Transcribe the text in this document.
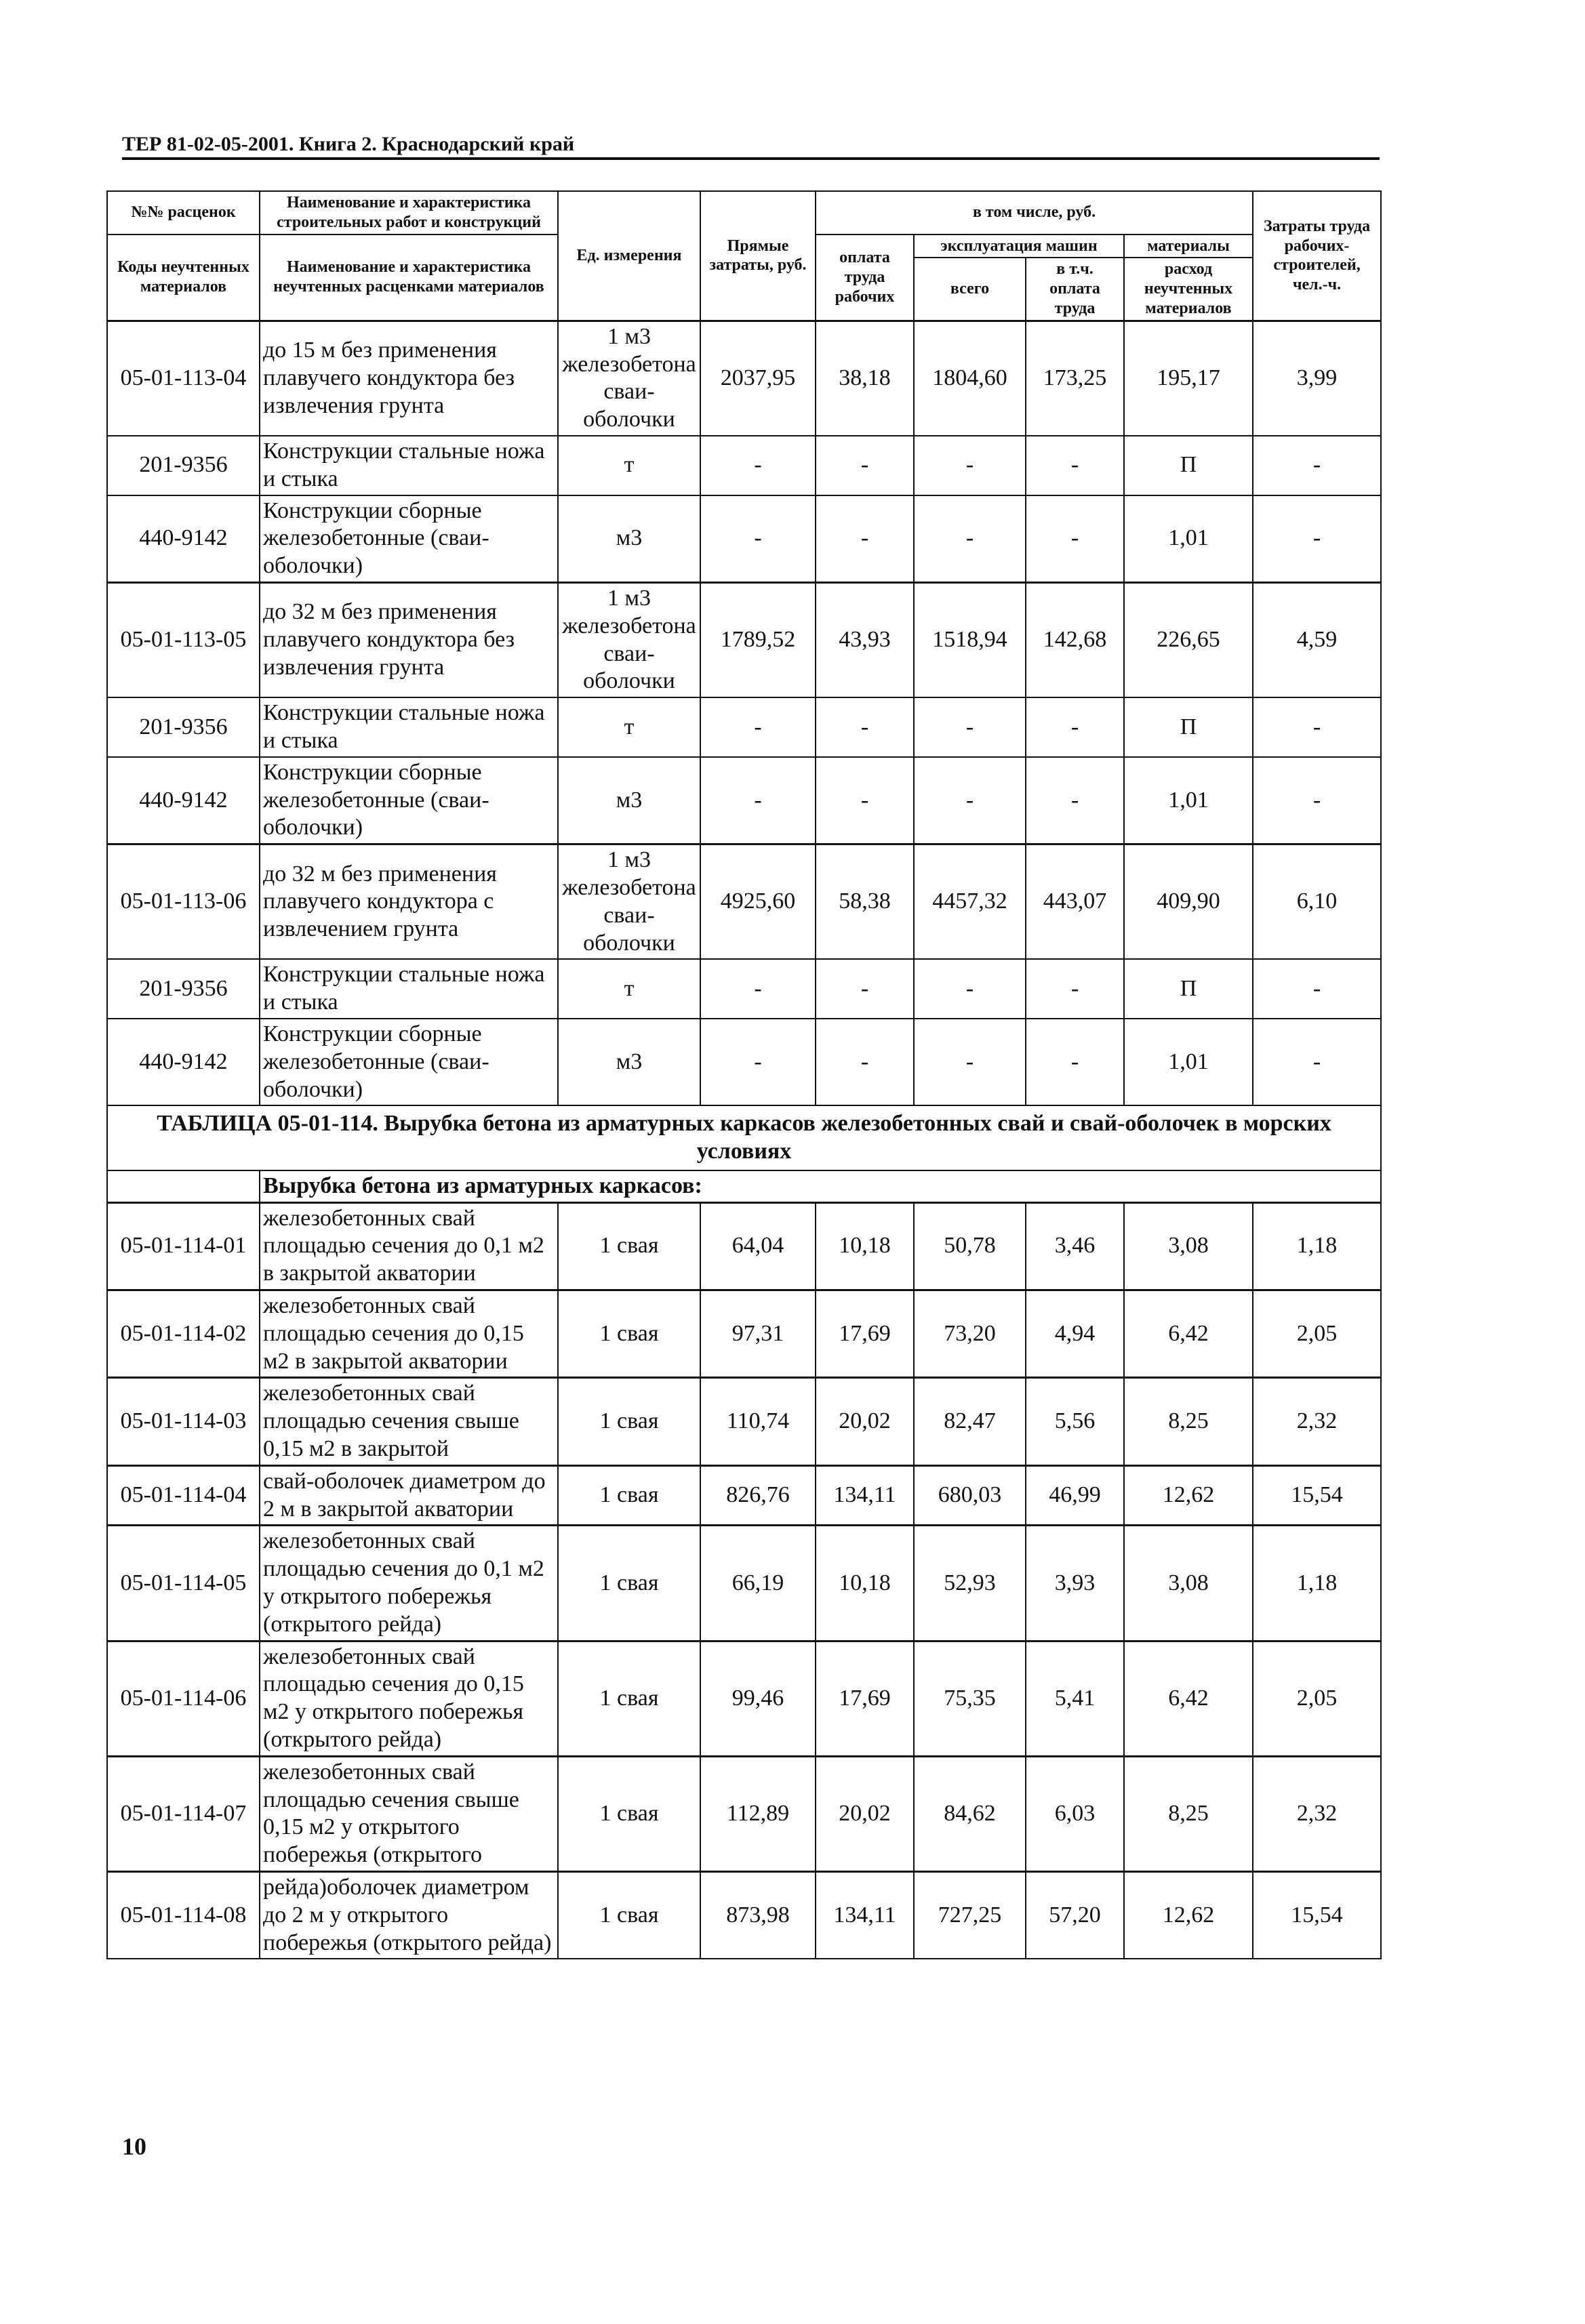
ТЕР 81-02-05-2001. Книга 2. Краснодарский край
№№ расценок	Наименование и характеристика строительных работ и конструкций	Ед. измерения	Прямые затраты, руб.	в том числе, руб.				Затраты труда рабочих-строителей, чел.-ч.
Коды неучтенных материалов	Наименование и характеристика неучтенных расценками материалов			оплата труда рабочих	эксплуатация машин		материалы	
					всего	в т.ч. оплата труда		
							расход неучтенных материалов	
05-01-113-04	до 15 м без применения плавучего кондуктора без извлечения грунта	1 м3 железобетона сваи-оболочки	2037,95	38,18	1804,60	173,25	195,17	3,99
201-9356	Конструкции стальные ножа и стыка	т	-	-	-	-	П	-
440-9142	Конструкции сборные железобетонные (сваи-оболочки)	м3	-	-	-	-	1,01	-
05-01-113-05	до 32 м без применения плавучего кондуктора без извлечения грунта	1 м3 железобетона сваи-оболочки	1789,52	43,93	1518,94	142,68	226,65	4,59
201-9356	Конструкции стальные ножа и стыка	т	-	-	-	-	П	-
440-9142	Конструкции сборные железобетонные (сваи-оболочки)	м3	-	-	-	-	1,01	-
05-01-113-06	до 32 м без применения плавучего кондуктора с извлечением грунта	1 м3 железобетона сваи-оболочки	4925,60	58,38	4457,32	443,07	409,90	6,10
201-9356	Конструкции стальные ножа и стыка	т	-	-	-	-	П	-
440-9142	Конструкции сборные железобетонные (сваи-оболочки)	м3	-	-	-	-	1,01	-
ТАБЛИЦА 05-01-114. Вырубка бетона из арматурных каркасов железобетонных свай и свай-оболочек в морских условиях								
	Вырубка бетона из арматурных каркасов:							
05-01-114-01	железобетонных свай площадью сечения до 0,1 м2 в закрытой акватории	1 свая	64,04	10,18	50,78	3,46	3,08	1,18
05-01-114-02	железобетонных свай площадью сечения до 0,15 м2 в закрытой акватории	1 свая	97,31	17,69	73,20	4,94	6,42	2,05
05-01-114-03	железобетонных свай площадью сечения свыше 0,15 м2 в закрытой	1 свая	110,74	20,02	82,47	5,56	8,25	2,32
05-01-114-04	свай-оболочек диаметром до 2 м в закрытой акватории	1 свая	826,76	134,11	680,03	46,99	12,62	15,54
05-01-114-05	железобетонных свай площадью сечения до 0,1 м2 у открытого побережья (открытого рейда)	1 свая	66,19	10,18	52,93	3,93	3,08	1,18
05-01-114-06	железобетонных свай площадью сечения до 0,15 м2 у открытого побережья (открытого рейда)	1 свая	99,46	17,69	75,35	5,41	6,42	2,05
05-01-114-07	железобетонных свай площадью сечения свыше 0,15 м2 у открытого побережья (открытого	1 свая	112,89	20,02	84,62	6,03	8,25	2,32
05-01-114-08	рейда)оболочек диаметром до 2 м у открытого побережья (открытого рейда)	1 свая	873,98	134,11	727,25	57,20	12,62	15,54
10
